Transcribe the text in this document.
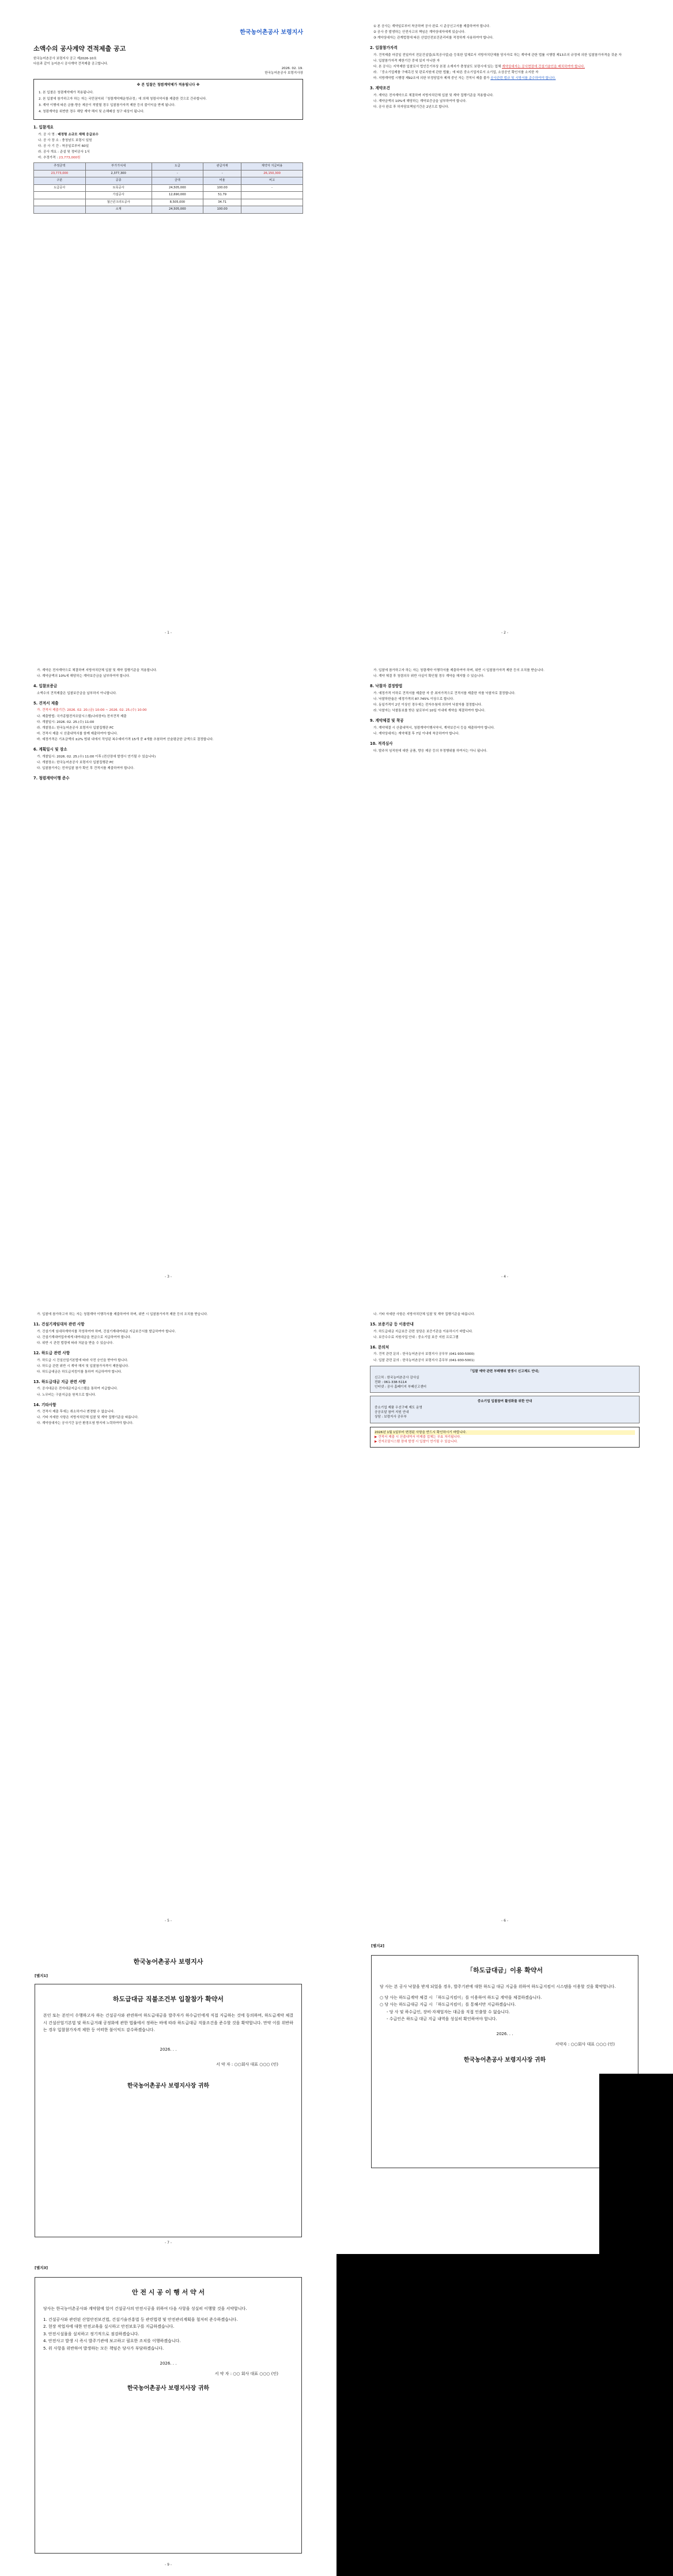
한국농어촌공사 보령지사
소액수의 공사계약 견적제출 공고
한국농어촌공사 보령지사 공고 제2026-10호
다음과 같이 농어촌시 공사계약 견적제출 공고합니다.
2026. 02. 19.
한국농어촌공사 보령지사장
※ 본 입찰은 청렴계약제가 적용됩니다 ※
1. 본 입찰은 청렴계약제가 적용됩니다.
2. 본 입찰에 참가하고자 하는 자는 국민권익위「청렴계약제운영규정」에 의해 청렴서약서를 제출한 것으로 간주합니다.
3. 계약 이행에 따른 금품·향응 제공이 적발될 경우 입찰참가자격 제한 등의 불이익을 받게 됩니다.
4. 청렴계약을 위반한 경우 해당 계약 해지 및 손해배상 청구 대상이 됩니다.
1. 입찰개요
가. 공 사 명 : 배정형 소규모 재해 응급보수
나. 공 사 장 소 : 충청남도 보령시 일원
다. 공 사 기 간 : 착공일로부터 60일
라. 공사 개요 : 준설 및 정비공사 1식
마. 추정가격 : 23,773,000원
추정금액	부가가치세	도급	관급자재	계약자 지급비용
23,773,000	2,377,300	-	-	26,150,300
구분	공종	금액	비율	비고
도급공사	토목공사	24,505,000	100.00	-
	가설공사	12,690,000	51.79	
	철근콘크리트공사	8,505,000	34.71	
	소계	24,505,000	100.00	
- 1 -
① 본 공사는 계약일로부터 착공하며 공사 완료 시 준공신고서를 제출하여야 합니다.
② 공사 중 발생하는 안전사고의 책임은 계약상대자에게 있습니다.
③ 계약상대자는 관계법령에 따른 산업안전보건관리비를 적정하게 사용하여야 합니다.
2. 입찰참가자격
가. 견적제출 마감일 전일까지 전문건설업(토목공사업)을 등록한 업체로서 지방자치단체를 당사자로 하는 계약에 관한 법률 시행령 제13조의 규정에 의한 입찰참가자격을 갖춘 자
나. 입찰참가자격 제한기간 중에 있지 아니한 자
다. 본 공사는 지역제한 입찰로서 법인등기부상 본점 소재지가 충청남도 보령시에 있는 업체 계약상대자는 공사현장에 건설기술인을 배치하여야 합니다.
라. 「중소기업제품 구매촉진 및 판로지원에 관한 법률」에 따른 중소기업자로서 소기업, 소상공인 확인서를 소지한 자
마. 지방계약법 시행령 제92조에 의한 부정당업자 제재 중인 자는 견적서 제출 불가 공사관련 법규 및 시방서를 준수하여야 합니다.
3. 계약조건
가. 계약은 전자계약으로 체결하며 지방자치단체 입찰 및 계약 집행기준을 적용합니다.
나. 계약금액의 10%에 해당하는 계약보증금을 납부하여야 합니다.
다. 공사 완료 후 하자담보책임기간은 2년으로 합니다.
- 2 -
가. 계약은 전자계약으로 체결하며 지방자치단체 입찰 및 계약 집행기준을 적용합니다.
나. 계약금액의 10%에 해당하는 계약보증금을 납부하여야 합니다.
4. 입찰보증금
소액수의 견적제출은 입찰보증금을 납부하지 아니합니다.
5. 견적서 제출
가. 견적서 제출기간: 2026. 02. 20.(금) 10:00 ~ 2026. 02. 25.(수) 10:00
나. 제출방법: 국가종합전자조달시스템(나라장터) 전자견적 제출
다. 개찰일시: 2026. 02. 25.(수) 11:00
라. 개찰장소: 한국농어촌공사 보령지사 입찰집행관 PC
마. 견적서 제출 시 산출내역서를 함께 제출하여야 합니다.
바. 예정가격은 기초금액의 ±2% 범위 내에서 작성된 복수예비가격 15개 중 4개를 추첨하여 산술평균한 금액으로 결정합니다.
6. 계획일시 및 장소
가. 개찰일시: 2026. 02. 25.(수) 11:00 이후 (전산장애 발생시 연기될 수 있습니다)
나. 개찰장소: 한국농어촌공사 보령지사 입찰집행관 PC
다. 입찰참가자는 전자입찰 참가 확인 후 견적서를 제출하여야 합니다.
7. 청렴계약이행 준수
- 3 -
가. 입찰에 참가하고자 하는 자는 청렴계약 이행각서를 제출하여야 하며, 위반 시 입찰참가자격 제한 등의 조치를 받습니다.
나. 계약 체결 후 청렴의무 위반 사실이 확인될 경우 계약을 해지할 수 있습니다.
8. 낙찰자 결정방법
가. 예정가격 이하로 견적서를 제출한 자 중 최저가격으로 견적서를 제출한 자를 낙찰자로 결정합니다.
나. 낙찰하한율은 예정가격의 87.745% 이상으로 합니다.
다. 동일가격이 2인 이상인 경우에는 전자추첨에 의하여 낙찰자를 결정합니다.
라. 낙찰자는 낙찰통보를 받은 날로부터 10일 이내에 계약을 체결하여야 합니다.
9. 계약체결 및 착공
가. 계약체결 시 산출내역서, 청렴계약이행서약서, 계약보증서 등을 제출하여야 합니다.
나. 계약상대자는 계약체결 후 7일 이내에 착공하여야 합니다.
10. 적격심사
다. 발주처 임직원에 대한 금품, 향응 제공 등의 부정행위를 하여서는 아니 됩니다.
- 4 -
가. 입찰에 참가하고자 하는 자는 청렴계약 이행각서를 제출하여야 하며, 위반 시 입찰참가자격 제한 등의 조치를 받습니다.
11. 건설기계임대차 관련 사항
가. 건설기계 임대차계약서를 작성하여야 하며, 건설기계대여대금 지급보증서를 발급하여야 합니다.
나. 건설기계대여업자에게 대여대금을 현금으로 지급하여야 합니다.
다. 위반 시 관련 법령에 따라 처분을 받을 수 있습니다.
12. 하도급 관련 사항
가. 하도급 시 건설산업기본법에 따라 사전 승인을 받아야 합니다.
나. 하도급 관련 위반 시 계약 해지 및 입찰참가자격이 제한됩니다.
다. 하도급대금은 하도급지킴이를 통하여 지급하여야 합니다.
13. 하도급대금 지급 관련 사항
가. 공사대금은 전자대금지급시스템을 통하여 지급합니다.
나. 노무비는 구분지급을 원칙으로 합니다.
14. 기타사항
가. 견적서 제출 후에는 취소하거나 변경할 수 없습니다.
나. 기타 자세한 사항은 지방자치단체 입찰 및 계약 집행기준을 따릅니다.
다. 계약상대자는 공사기간 동안 환경오염 방지에 노력하여야 합니다.
- 5 -
나. 기타 자세한 사항은 지방자치단체 입찰 및 계약 집행기준을 따릅니다.
15. 보증기금 등 이용안내
가. 하도급대금 지급보증 관련 상담은 보증기관을 이용하시기 바랍니다.
나. 보증수수료 지원사업 안내 : 중소기업 보증 지원 프로그램
16. 문의처
가. 견적 관련 문의 : 한국농어촌공사 보령지사 공무부 (041-930-5000)
나. 입찰 관련 문의 : 한국농어촌공사 보령지사 총무부 (041-930-5001)
「입찰 예약 관련 부패행위 발생시 신고제도 안내」
신고처 : 한국농어촌공사 감사실
전화 : 061-338-5114
인터넷 : 공사 홈페이지 부패신고센터
중소기업 입찰참여 활성화를 위한 안내
중소기업 제품 우선구매 제도 운영
공공조달 참여 지원 안내
상담 : 보령지사 공무부
2026년 1월 1일부터 변경된 사항을 반드시 확인하시기 바랍니다.
▶ 견적서 제출 시 산출내역서 미제출 업체는 무효 처리됩니다.
▶ 전자조달시스템 장애 발생 시 입찰이 연기될 수 있습니다.
- 6 -
[별지1]
한국농어촌공사 보령지사
하도급대금 직불조건부 입찰참가 확약서
본인 또는 본인이 수행하고자 하는 건설공사와 관련하여 하도급대금을 발주자가 하수급인에게 직접 지급하는 것에 동의하며, 하도급계약 체결 시 건설산업기본법 및 하도급거래 공정화에 관한 법률에서 정하는 바에 따라 하도급대금 직불조건을 준수할 것을 확약합니다. 만약 이를 위반하는 경우 입찰참가자격 제한 등 어떠한 불이익도 감수하겠습니다.
2026. . .
서 약 자 : ○○회사 대표 ○○○ (인)
한국농어촌공사 보령지사장 귀하
- 7 -
[별지2]
「하도급대금」이용 확약서
당 사는 본 공사 낙찰을 받게 되었을 경우, 발주기관에 대한 하도급 대금 지급을 위하여 하도급지킴이 시스템을 이용할 것을 확약합니다.
○ 당 사는 하도급계약 체결 시 「하도급지킴이」를 이용하여 하도급 계약을 체결하겠습니다.
○ 당 사는 하도급대금 지급 시 「하도급지킴이」를 통해서만 지급하겠습니다.
- 당 사 및 하수급인, 장비·자재업자는 대금을 직접 인출할 수 없습니다.
- 수급인은 하도급 대금 지급 내역을 성실히 확인하여야 합니다.
2026. . .
서약자 : ○○회사 대표 ○○○ (인)
한국농어촌공사 보령지사장 귀하
[별지3]
안 전 시 공 이 행 서 약 서
당사는 한국농어촌공사와 계약함에 있어 건설공사의 안전시공을 위하여 다음 사항을 성실히 이행할 것을 서약합니다.
1. 건설공사와 관련된 산업안전보건법, 건설기술진흥법 등 관련법령 및 안전관리계획을 철저히 준수하겠습니다.
2. 현장 작업자에 대한 안전교육을 실시하고 안전보호구를 지급하겠습니다.
3. 안전시설물을 설치하고 정기적으로 점검하겠습니다.
4. 안전사고 발생 시 즉시 발주기관에 보고하고 필요한 조치를 이행하겠습니다.
5. 위 사항을 위반하여 발생하는 모든 책임은 당사가 부담하겠습니다.
2026. . .
서 약 자 : ○○ 회사 대표 ○○○ (인)
한국농어촌공사 보령지사장 귀하
- 9 -
